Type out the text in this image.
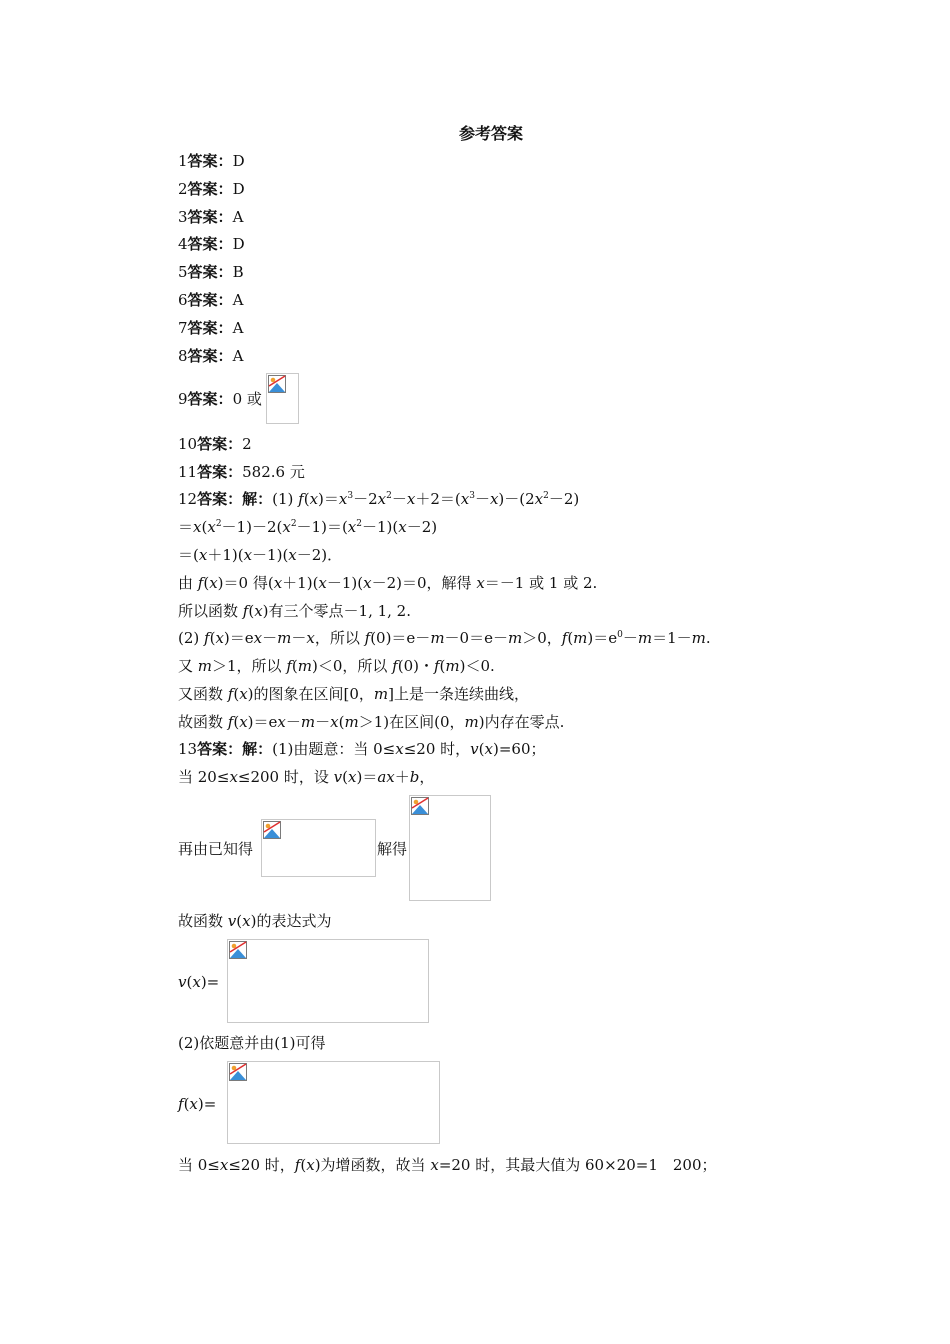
参考答案
1答案：D
2答案：D
3答案：A
4答案：D
5答案：B
6答案：A
7答案：A
8答案：A
9答案：0 或
10答案：2
11答案：582.6 元
12答案：解：(1) $f(x)=x^3-2x^2-x+2=(x^3-x)-(2x^2-2)$
$=x(x^2-1)-2(x^2-1)=(x^2-1)(x-2)$
＝(x＋1)(x－1)(x－2)．
由 f(x)＝0 得(x＋1)(x－1)(x－2)＝0，解得 x＝－1 或 1 或 2.
所以函数 f(x)有三个零点－1, 1, 2.
(2) f(x)＝ex－m－x，所以 f(0)＝e－m－0＝e－m＞0，$f(m)=e^0-m=1-m$.
又 m＞1，所以 f(m)＜0，所以 f(0)・f(m)＜0.
又函数 f(x)的图象在区间[0，m]上是一条连续曲线，
故函数 f(x)＝ex－m－x(m＞1)在区间(0，m)内存在零点.
13答案：解：(1)由题意：当 0≤x≤20 时，v(x)=60；
当 20≤x≤200 时，设 v(x)＝ax＋b，
再由已知得	解得
故函数 v(x)的表达式为
v(x)=
(2)依题意并由(1)可得
f(x)=
当 0≤x≤20 时，f(x)为增函数，故当 x=20 时，其最大值为 60×20=1　200；
